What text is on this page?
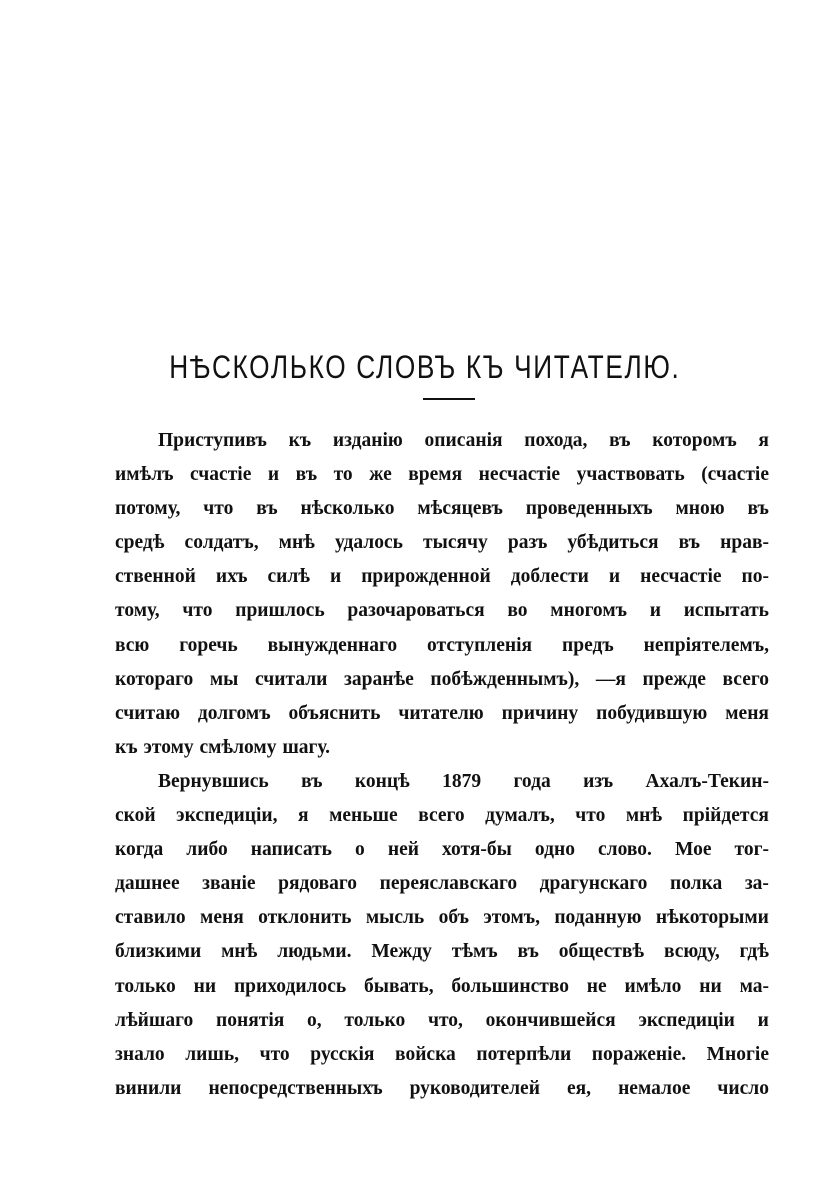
НѢСКОЛЬКО СЛОВЪ КЪ ЧИТАТЕЛЮ.
Приступивъ къ изданію описанія похода, въ которомъ я
имѣлъ счастіе и въ то же время несчастіе участвовать (счастіе
потому, что въ нѣсколько мѣсяцевъ проведенныхъ мною въ
средѣ солдатъ, мнѣ удалось тысячу разъ убѣдиться въ нрав-
ственной ихъ силѣ и прирожденной доблести и несчастіе по-
тому, что пришлось разочароваться во многомъ и испытать
всю горечь вынужденнаго отступленія предъ непріятелемъ,
котораго мы считали заранѣе побѣжденнымъ), —я прежде всего
считаю долгомъ объяснить читателю причину побудившую меня
къ этому смѣлому шагу.
Вернувшись въ концѣ 1879 года изъ Ахалъ-Текин-
ской экспедиціи, я меньше всего думалъ, что мнѣ прійдется
когда либо написать о ней хотя-бы одно слово. Мое тог-
дашнее званіе рядоваго переяславскаго драгунскаго полка за-
ставило меня отклонить мысль объ этомъ, поданную нѣкоторыми
близкими мнѣ людьми. Между тѣмъ въ обществѣ всюду, гдѣ
только ни приходилось бывать, большинство не имѣло ни ма-
лѣйшаго понятія о, только что, окончившейся экспедиціи и
знало лишь, что русскія войска потерпѣли пораженіе. Многіе
винили непосредственныхъ руководителей ея, немалое число
